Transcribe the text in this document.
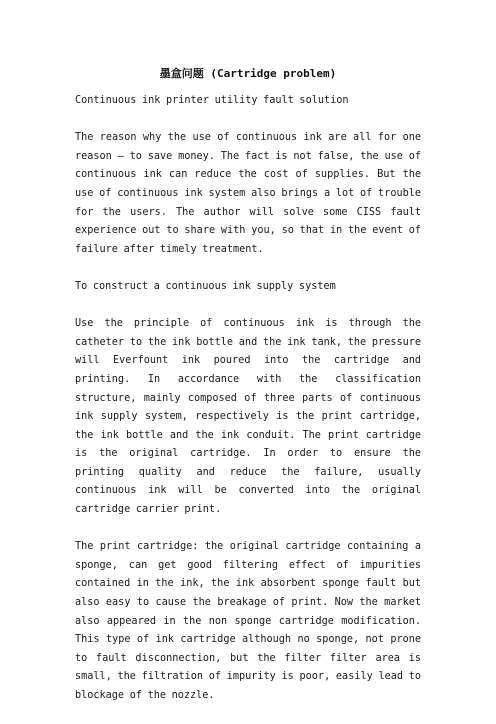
墨盒问题 (Cartridge problem)

Continuous ink printer utility fault solution

The reason why the use of continuous ink are all for one reason – to save money. The fact is not false, the use of continuous ink can reduce the cost of supplies. But the use of continuous ink system also brings a lot of trouble for the users. The author will solve some CISS fault experience out to share with you, so that in the event of failure after timely treatment.

To construct a continuous ink supply system

Use the principle of continuous ink is through the catheter to the ink bottle and the ink tank, the pressure will Everfount ink poured into the cartridge and printing. In accordance with the classification structure, mainly composed of three parts of continuous ink supply system, respectively is the print cartridge, the ink bottle and the ink conduit. The print cartridge is the original cartridge. In order to ensure the printing quality and reduce the failure, usually continuous ink will be converted into the original cartridge carrier print.

The print cartridge: the original cartridge containing a sponge, can get good filtering effect of impurities contained in the ink, the ink absorbent sponge fault but also easy to cause the breakage of print. Now the market also appeared in the non sponge cartridge modification. This type of ink cartridge although no sponge, not prone to fault disconnection, but the filter filter area is small, the filtration of impurity is poor, easily lead to blockage of the nozzle.
